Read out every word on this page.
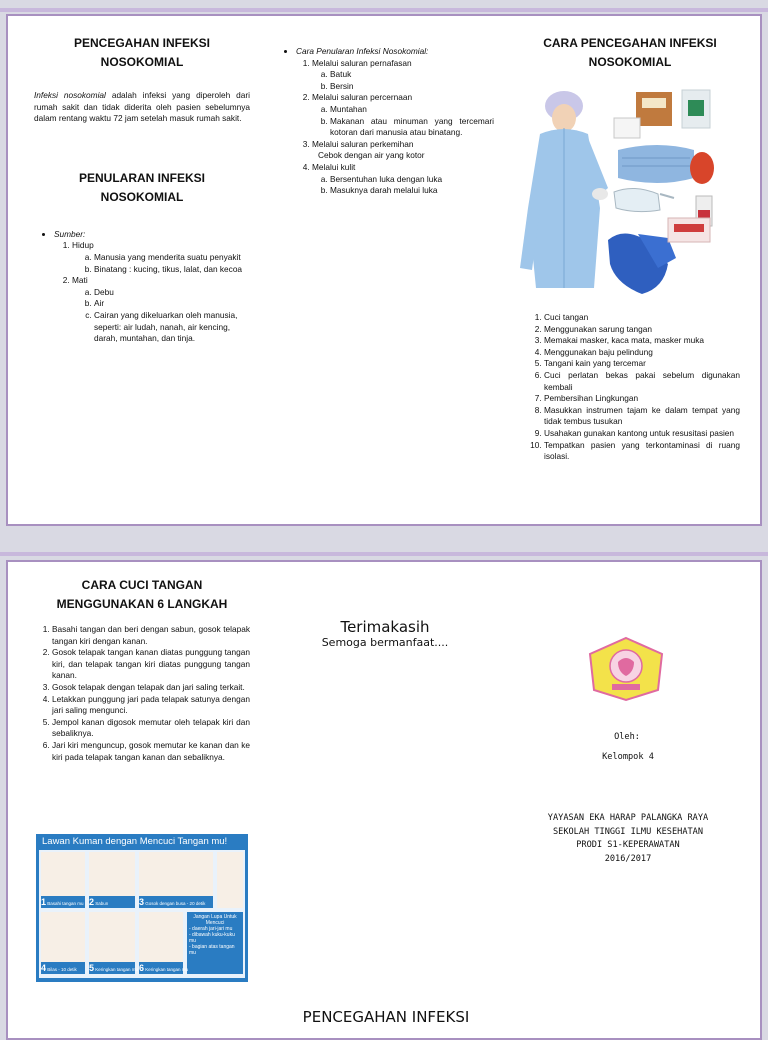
PENCEGAHAN INFEKSI NOSOKOMIAL

Infeksi nosokomial adalah infeksi yang diperoleh dari rumah sakit dan tidak diderita oleh pasien sebelumnya dalam rentang waktu 72 jam setelah masuk rumah sakit.

PENULARAN INFEKSI NOSOKOMIAL
• Sumber:
1. Hidup
a. Manusia yang menderita suatu penyakit
b. Binatang : kucing, tikus, lalat, dan kecoa
2. Mati
a. Debu
b. Air
c. Cairan yang dikeluarkan oleh manusia, seperti: air ludah, nanah, air kencing, darah, muntahan, dan tinja.
• Cara Penularan Infeksi Nosokomial:
1. Melalui saluran pernafasan
a. Batuk
b. Bersin
2. Melalui saluran percernaan
a. Muntahan
b. Makanan atau minuman yang tercemari kotoran dari manusia atau binatang.
3. Melalui saluran perkemihan
Cebok dengan air yang kotor
4. Melalui kulit
a. Bersentuhan luka dengan luka
b. Masuknya darah melalui luka
CARA PENCEGAHAN INFEKSI NOSOKOMIAL
1. Cuci tangan
2. Menggunakan sarung tangan
3. Memakai masker, kaca mata, masker muka
4. Menggunakan baju pelindung
5. Tangani kain yang tercemar
6. Cuci perlatan bekas pakai sebelum digunakan kembali
7. Pembersihan Lingkungan
8. Masukkan instrumen tajam ke dalam tempat yang tidak tembus tusukan
9. Usahakan gunakan kantong untuk resusitasi pasien
10. Tempatkan pasien yang terkontaminasi di ruang isolasi.
CARA CUCI TANGAN MENGGUNAKAN 6 LANGKAH
1. Basahi tangan dan beri dengan sabun, gosok telapak tangan kiri dengan kanan.
2. Gosok telapak tangan kanan diatas punggung tangan kiri, dan telapak tangan kiri diatas punggung tangan kanan.
3. Gosok telapak dengan telapak dan jari saling terkait.
4. Letakkan punggung jari pada telapak satunya dengan jari saling mengunci.
5. Jempol kanan digosok memutar oleh telapak kiri dan sebaliknya.
6. Jari kiri menguncup, gosok memutar ke kanan dan ke kiri pada telapak tangan kanan dan sebaliknya.
Lawan Kuman dengan Mencuci Tangan mu!
Jangan Lupa Untuk Mencuci
- daerah jari-jari mu
- dibawah kuku-kuku mu
- bagian atas tangan mu
1 Basahi tangan mu 2 Sabun	3 Gosok dengan busa - 20 detik
4 Bilas - 10 detik	5 Keringkan tangan mu 6 Keringkan tangan mu
Terimakasih
Semoga bermanfaat....
Oleh:
Kelompok 4
YAYASAN EKA HARAP PALANGKA RAYA
SEKOLAH TINGGI ILMU KESEHATAN
PRODI S1-KEPERAWATAN
2016/2017
PENCEGAHAN INFEKSI
